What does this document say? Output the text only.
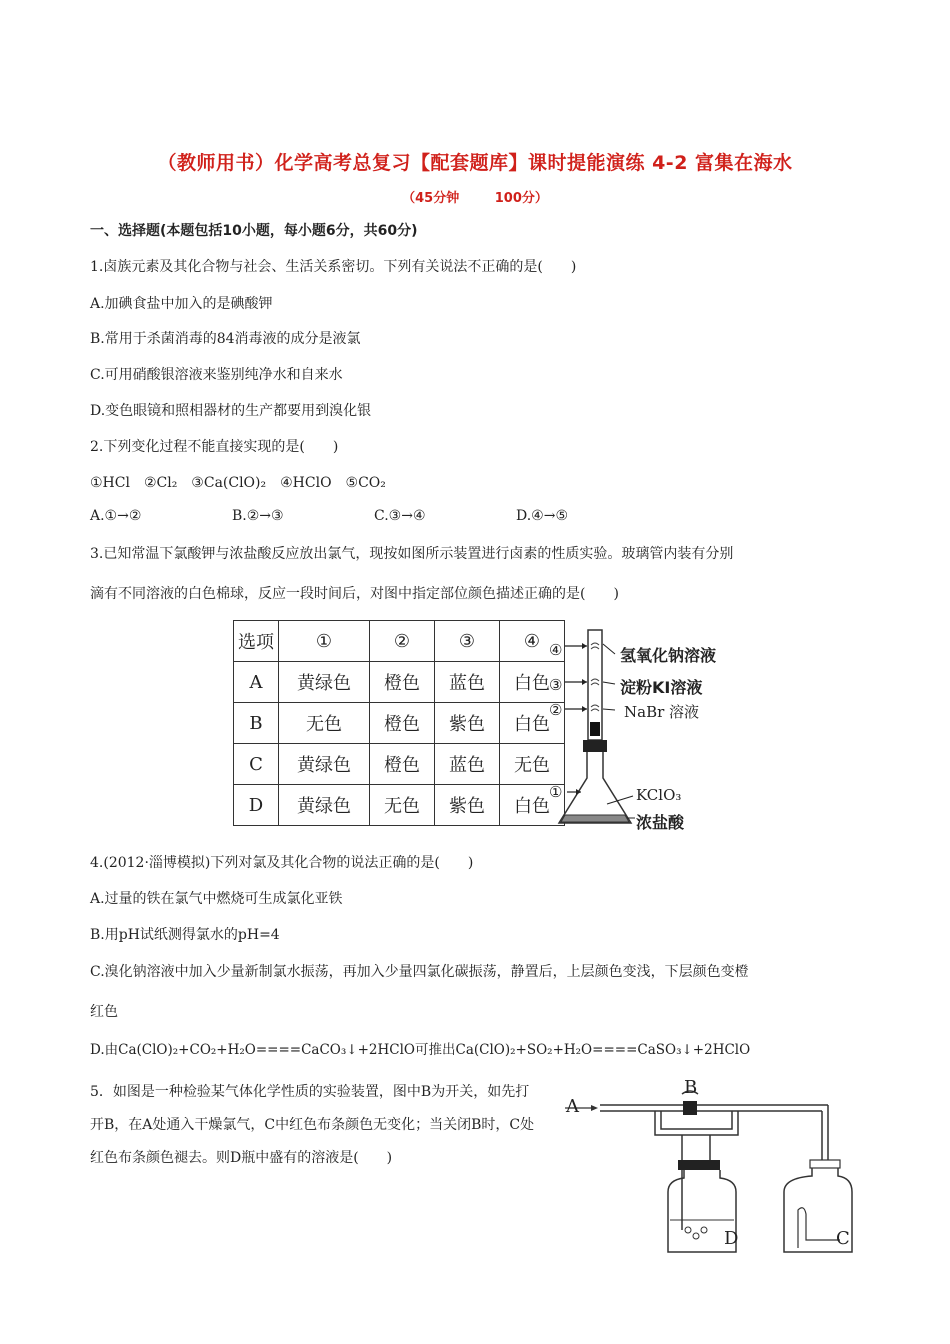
（教师用书）化学高考总复习【配套题库】课时提能演练 4-2 富集在海水
（45分钟　 100分）
一、选择题(本题包括10小题，每小题6分，共60分)
1.卤族元素及其化合物与社会、生活关系密切。下列有关说法不正确的是(　　)
A.加碘食盐中加入的是碘酸钾
B.常用于杀菌消毒的84消毒液的成分是液氯
C.可用硝酸银溶液来鉴别纯净水和自来水
D.变色眼镜和照相器材的生产都要用到溴化银
2.下列变化过程不能直接实现的是(　　)
①HCl　②Cl₂　③Ca(ClO)₂　④HClO　⑤CO₂
A.①→②	B.②→③	C.③→④	D.④→⑤
3.已知常温下氯酸钾与浓盐酸反应放出氯气，现按如图所示装置进行卤素的性质实验。玻璃管内装有分别
滴有不同溶液的白色棉球，反应一段时间后，对图中指定部位颜色描述正确的是(　　)
选项	①	②	③	④
A	黄绿色	橙色	蓝色	白色
B	无色	橙色	紫色	白色
C	黄绿色	橙色	蓝色	无色
D	黄绿色	无色	紫色	白色
④
③
②
①
氢氧化钠溶液
淀粉KI溶液
NaBr 溶液
KClO₃
浓盐酸
4.(2012·淄博模拟)下列对氯及其化合物的说法正确的是(　　)
A.过量的铁在氯气中燃烧可生成氯化亚铁
B.用pH试纸测得氯水的pH=4
C.溴化钠溶液中加入少量新制氯水振荡，再加入少量四氯化碳振荡，静置后，上层颜色变浅，下层颜色变橙
红色
D.由Ca(ClO)₂+CO₂+H₂O====CaCO₃↓+2HClO可推出Ca(ClO)₂+SO₂+H₂O====CaSO₃↓+2HClO
5．如图是一种检验某气体化学性质的实验装置，图中B为开关，如先打开B，在A处通入干燥氯气，C中红色布条颜色无变化；当关闭B时，C处红色布条颜色褪去。则D瓶中盛有的溶液是(　　)
A
B
D	C
